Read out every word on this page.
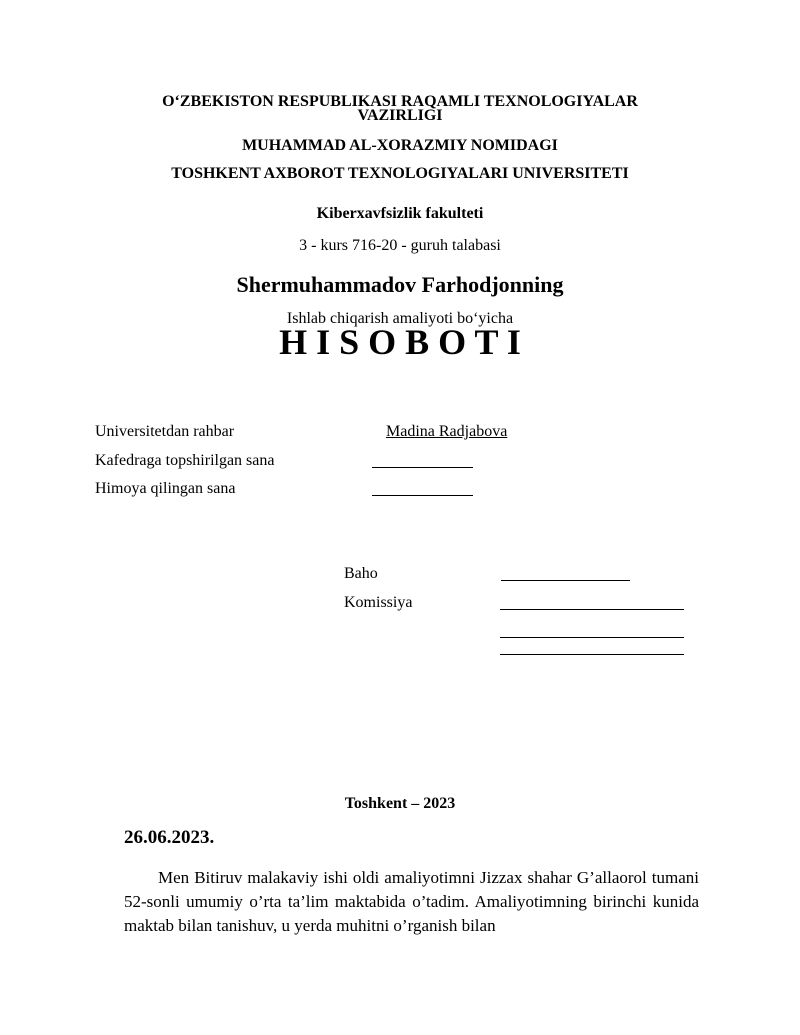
O‘ZBEKISTON RESPUBLIKASI RAQAMLI TEXNOLOGIYALAR
VAZIRLIGI
MUHAMMAD AL-XORAZMIY NOMIDAGI
TOSHKENT AXBOROT TEXNOLOGIYALARI UNIVERSITETI
Kiberxavfsizlik fakulteti
3 - kurs 716-20 - guruh talabasi
Shermuhammadov Farhodjonning
Ishlab chiqarish amaliyoti bo‘yicha
H I S O B O T I
Universitetdan rahbar	Madina Radjabova
Kafedraga topshirilgan sana
Himoya qilingan sana
Baho
Komissiya
Toshkent – 2023
26.06.2023.
Men Bitiruv malakaviy ishi oldi amaliyotimni Jizzax shahar G’allaorol tumani 52-sonli umumiy o’rta ta’lim maktabida o’tadim. Amaliyotimning birinchi kunida maktab bilan tanishuv, u yerda muhitni o’rganish bilan
